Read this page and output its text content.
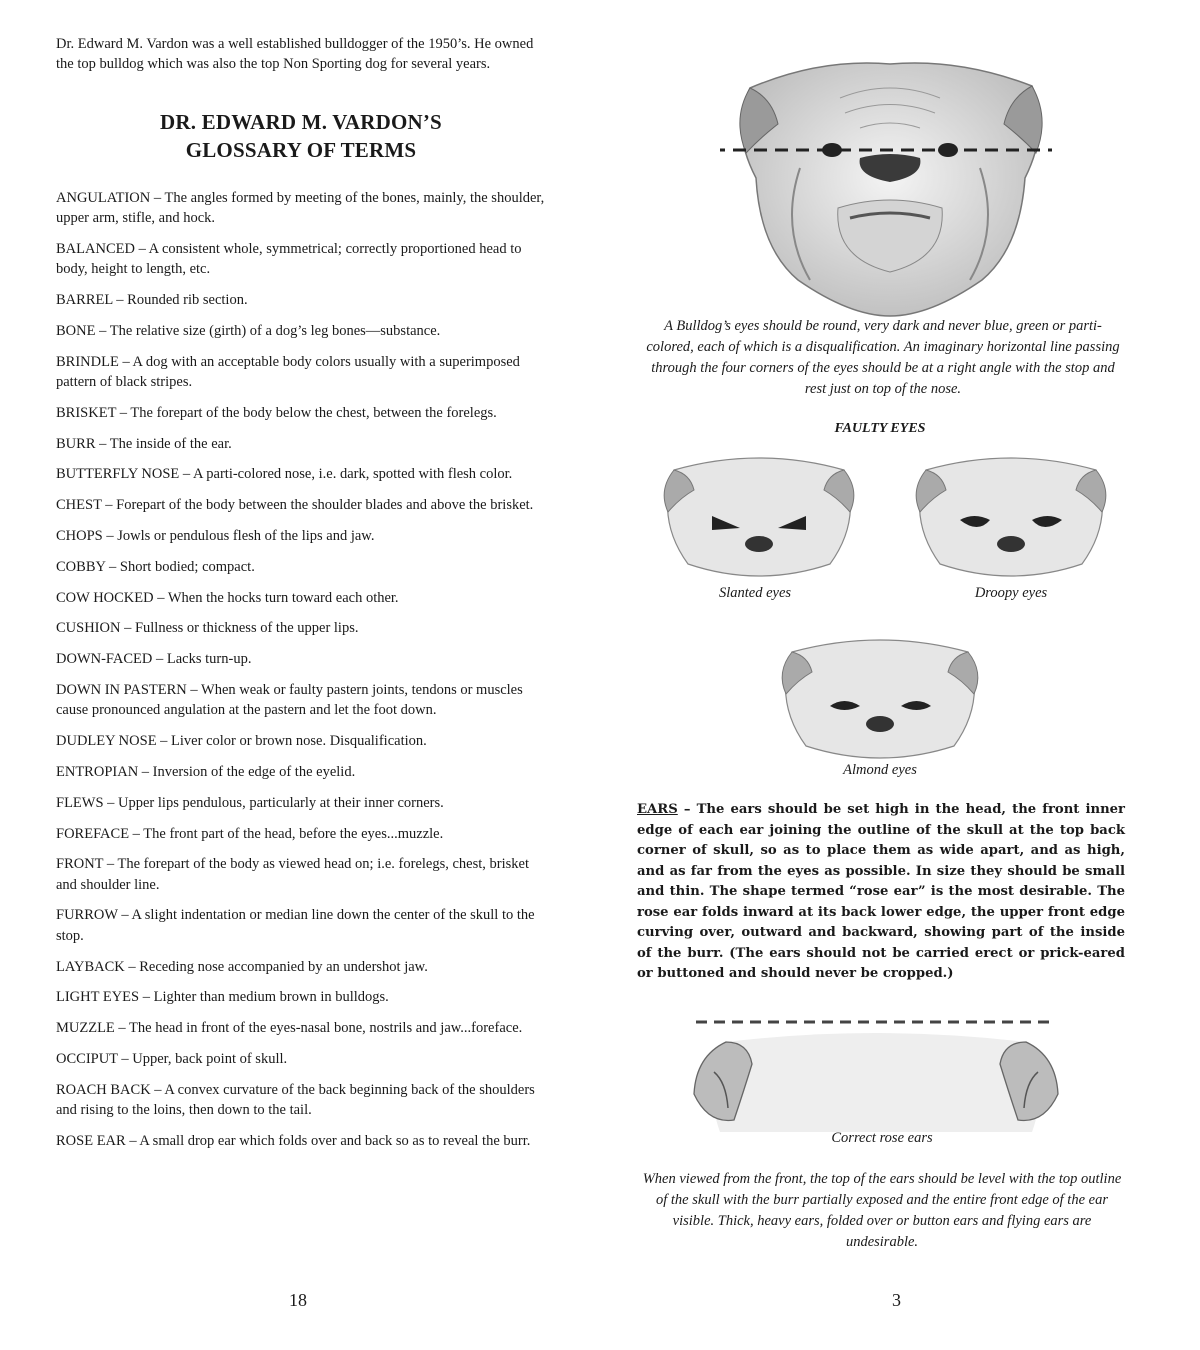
Dr. Edward M. Vardon was a well established bulldogger of the 1950’s. He owned the top bulldog which was also the top Non Sporting dog for several years.

DR. EDWARD M. VARDON’S
GLOSSARY OF TERMS

ANGULATION – The angles formed by meeting of the bones, mainly, the shoulder, upper arm, stifle, and hock.

BALANCED – A consistent whole, symmetrical; correctly proportioned head to body, height to length, etc.

BARREL – Rounded rib section.

BONE – The relative size (girth) of a dog’s leg bones—substance.

BRINDLE – A dog with an acceptable body colors usually with a superimposed pattern of black stripes.

BRISKET – The forepart of the body below the chest, between the forelegs.

BURR – The inside of the ear.

BUTTERFLY NOSE – A parti-colored nose, i.e. dark, spotted with flesh color.

CHEST – Forepart of the body between the shoulder blades and above the brisket.

CHOPS – Jowls or pendulous flesh of the lips and jaw.

COBBY – Short bodied; compact.

COW HOCKED – When the hocks turn toward each other.

CUSHION – Fullness or thickness of the upper lips.

DOWN-FACED – Lacks turn-up.

DOWN IN PASTERN – When weak or faulty pastern joints, tendons or muscles cause pronounced angulation at the pastern and let the foot down.

DUDLEY NOSE – Liver color or brown nose. Disqualification.

ENTROPIAN – Inversion of the edge of the eyelid.

FLEWS – Upper lips pendulous, particularly at their inner corners.

FOREFACE – The front part of the head, before the eyes...muzzle.

FRONT – The forepart of the body as viewed head on; i.e. forelegs, chest, brisket and shoulder line.

FURROW – A slight indentation or median line down the center of the skull to the stop.

LAYBACK – Receding nose accompanied by an undershot jaw.

LIGHT EYES – Lighter than medium brown in bulldogs.

MUZZLE – The head in front of the eyes-nasal bone, nostrils and jaw...foreface.

OCCIPUT – Upper, back point of skull.

ROACH BACK – A convex curvature of the back beginning back of the shoulders and rising to the loins, then down to the tail.

ROSE EAR – A small drop ear which folds over and back so as to reveal the burr.

18
A Bulldog’s eyes should be round, very dark and never blue, green or parti-colored, each of which is a disqualification. An imaginary horizontal line passing through the four corners of the eyes should be at a right angle with the stop and rest just on top of the nose.
FAULTY EYES
Slanted eyes	Droopy eyes
Almond eyes

EARS – The ears should be set high in the head, the front inner edge of each ear joining the outline of the skull at the top back corner of skull, so as to place them as wide apart, and as high, and as far from the eyes as possible. In size they should be small and thin. The shape termed “rose ear” is the most desirable. The rose ear folds inward at its back lower edge, the upper front edge curving over, outward and backward, showing part of the inside of the burr. (The ears should not be carried erect or prick-eared or buttoned and should never be cropped.)

Correct rose ears
When viewed from the front, the top of the ears should be level with the top outline of the skull with the burr partially exposed and the entire front edge of the ear visible. Thick, heavy ears, folded over or button ears and flying ears are undesirable.
3
